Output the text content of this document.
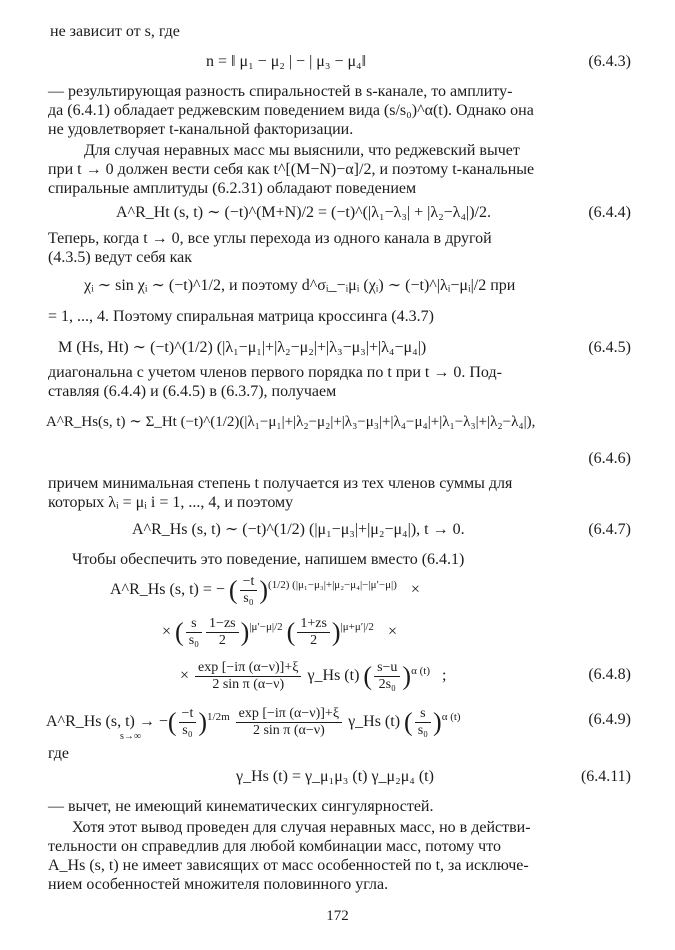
не зависит от s, где
n = ‖ μ₁ − μ₂ | − | μ₃ − μ₄‖	(6.4.3)
— результирующая разность спиральностей в s-канале, то амплиту-
да (6.4.1) обладает реджевским поведением вида (s/s₀)^α(t). Однако она
не удовлетворяет t-канальной факторизации.
Для случая неравных масс мы выяснили, что реджевский вычет
при t → 0 должен вести себя как t^[(M−N)−α]/2, и поэтому t-канальные
спиральные амплитуды (6.2.31) обладают поведением
A^R_Ht (s, t) ∼ (−t)^(M+N)/2 = (−t)^(|λ₁−λ₃| + |λ₂−λ₄|)/2.	(6.4.4)
Теперь, когда t → 0, все углы перехода из одного канала в другой
(4.3.5) ведут себя как
χᵢ ∼ sin χᵢ ∼ (−t)^1/2, и поэтому d^σᵢ_−ᵢμᵢ (χᵢ) ∼ (−t)^|λᵢ−μᵢ|/2 при
= 1, ..., 4. Поэтому спиральная матрица кроссинга (4.3.7)
M (Hs, Ht) ∼ (−t)^(1/2) (|λ₁−μ₁|+|λ₂−μ₂|+|λ₃−μ₃|+|λ₄−μ₄|)	(6.4.5)
диагональна с учетом членов первого порядка по t при t → 0. Под-
ставляя (6.4.4) и (6.4.5) в (6.3.7), получаем
A^R_Hs(s, t) ∼ Σ_Ht (−t)^(1/2)(|λ₁−μ₁|+|λ₂−μ₂|+|λ₃−μ₃|+|λ₄−μ₄|+|λ₁−λ₃|+|λ₂−λ₄|),
(6.4.6)
причем минимальная степень t получается из тех членов суммы для
которых λᵢ = μᵢ i = 1, ..., 4, и поэтому
A^R_Hs (s, t) ∼ (−t)^(1/2) (|μ₁−μ₃|+|μ₂−μ₄|), t → 0.	(6.4.7)
Чтобы обеспечить это поведение, напишем вместо (6.4.1)
A^R_Hs (s, t) = − ( $\frac{-t}{\text{s₀}} )^{(1/2) (|\mu_1-\mu_3|+|\mu_2-\mu_4|-|\mu'-\mu|)}$ ×
× ( $\frac{s}{\text{s₀}} \frac{1-zs}{2} )^{|\mu'-\mu|/2}$ ( $\frac{1+zs}{2} )^{|\mu+\mu'|/2}$ ×
× $\frac{\exp [-i\pi (\alpha-\nu)]+\xi}{\text{2 sin π (α−ν)}}$ γ_Hs (t) ( $\frac{s-u}{\text{2s₀}} )^{\alpha (t)}$ ;	(6.4.8)
A^R_Hs (s, t) →
s→∞
−( $\frac{-t}{\text{s₀}} )^{1/2m} \frac{\exp [-i\pi (\alpha-\nu)]+\xi}{\text{2 sin π (α−ν)}}$ γ_Hs (t) ( $\frac{s}{\text{s₀}} )^{\alpha (t)}$	(6.4.9)
где
γ_Hs (t) = γ_μ₁μ₃ (t) γ_μ₂μ₄ (t)	(6.4.11)
— вычет, не имеющий кинематических сингулярностей.
Хотя этот вывод проведен для случая неравных масс, но в действи-
тельности он справедлив для любой комбинации масс, потому что
A_Hs (s, t) не имеет зависящих от масс особенностей по t, за исключе-
нием особенностей множителя половинного угла.
172
